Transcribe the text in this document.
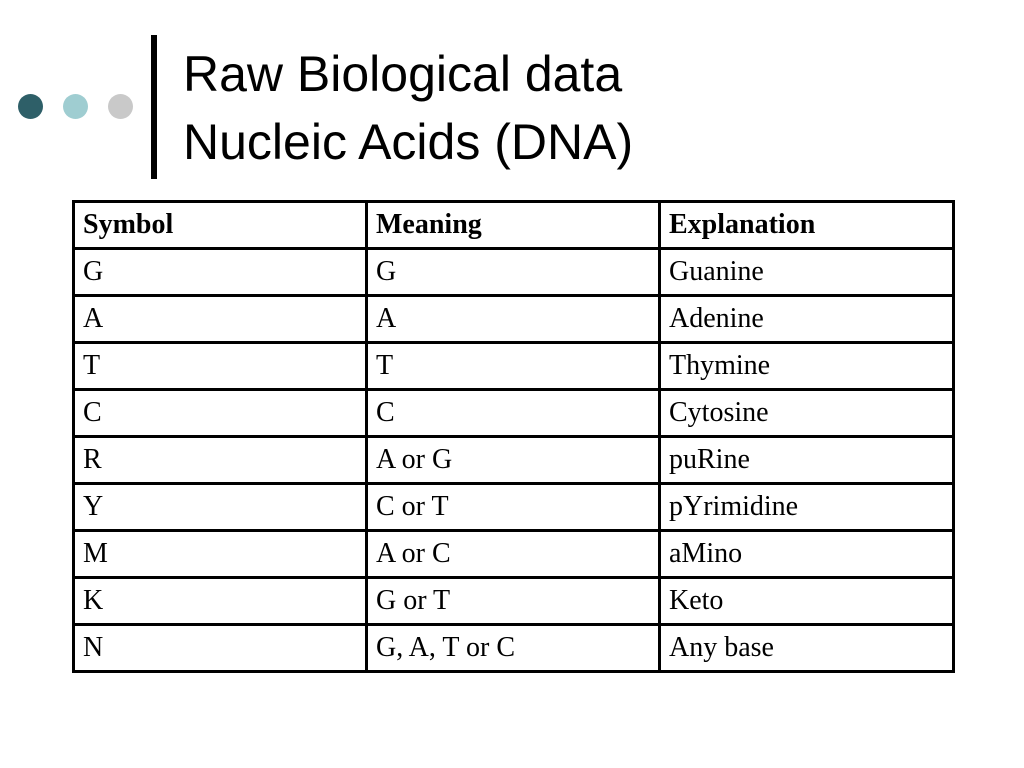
Raw Biological data
Nucleic Acids (DNA)
Symbol	Meaning	Explanation
G	G	Guanine
A	A	Adenine
T	T	Thymine
C	C	Cytosine
R	A or G	puRine
Y	C or T	pYrimidine
M	A or C	aMino
K	G or T	Keto
N	G, A, T or C	Any base
